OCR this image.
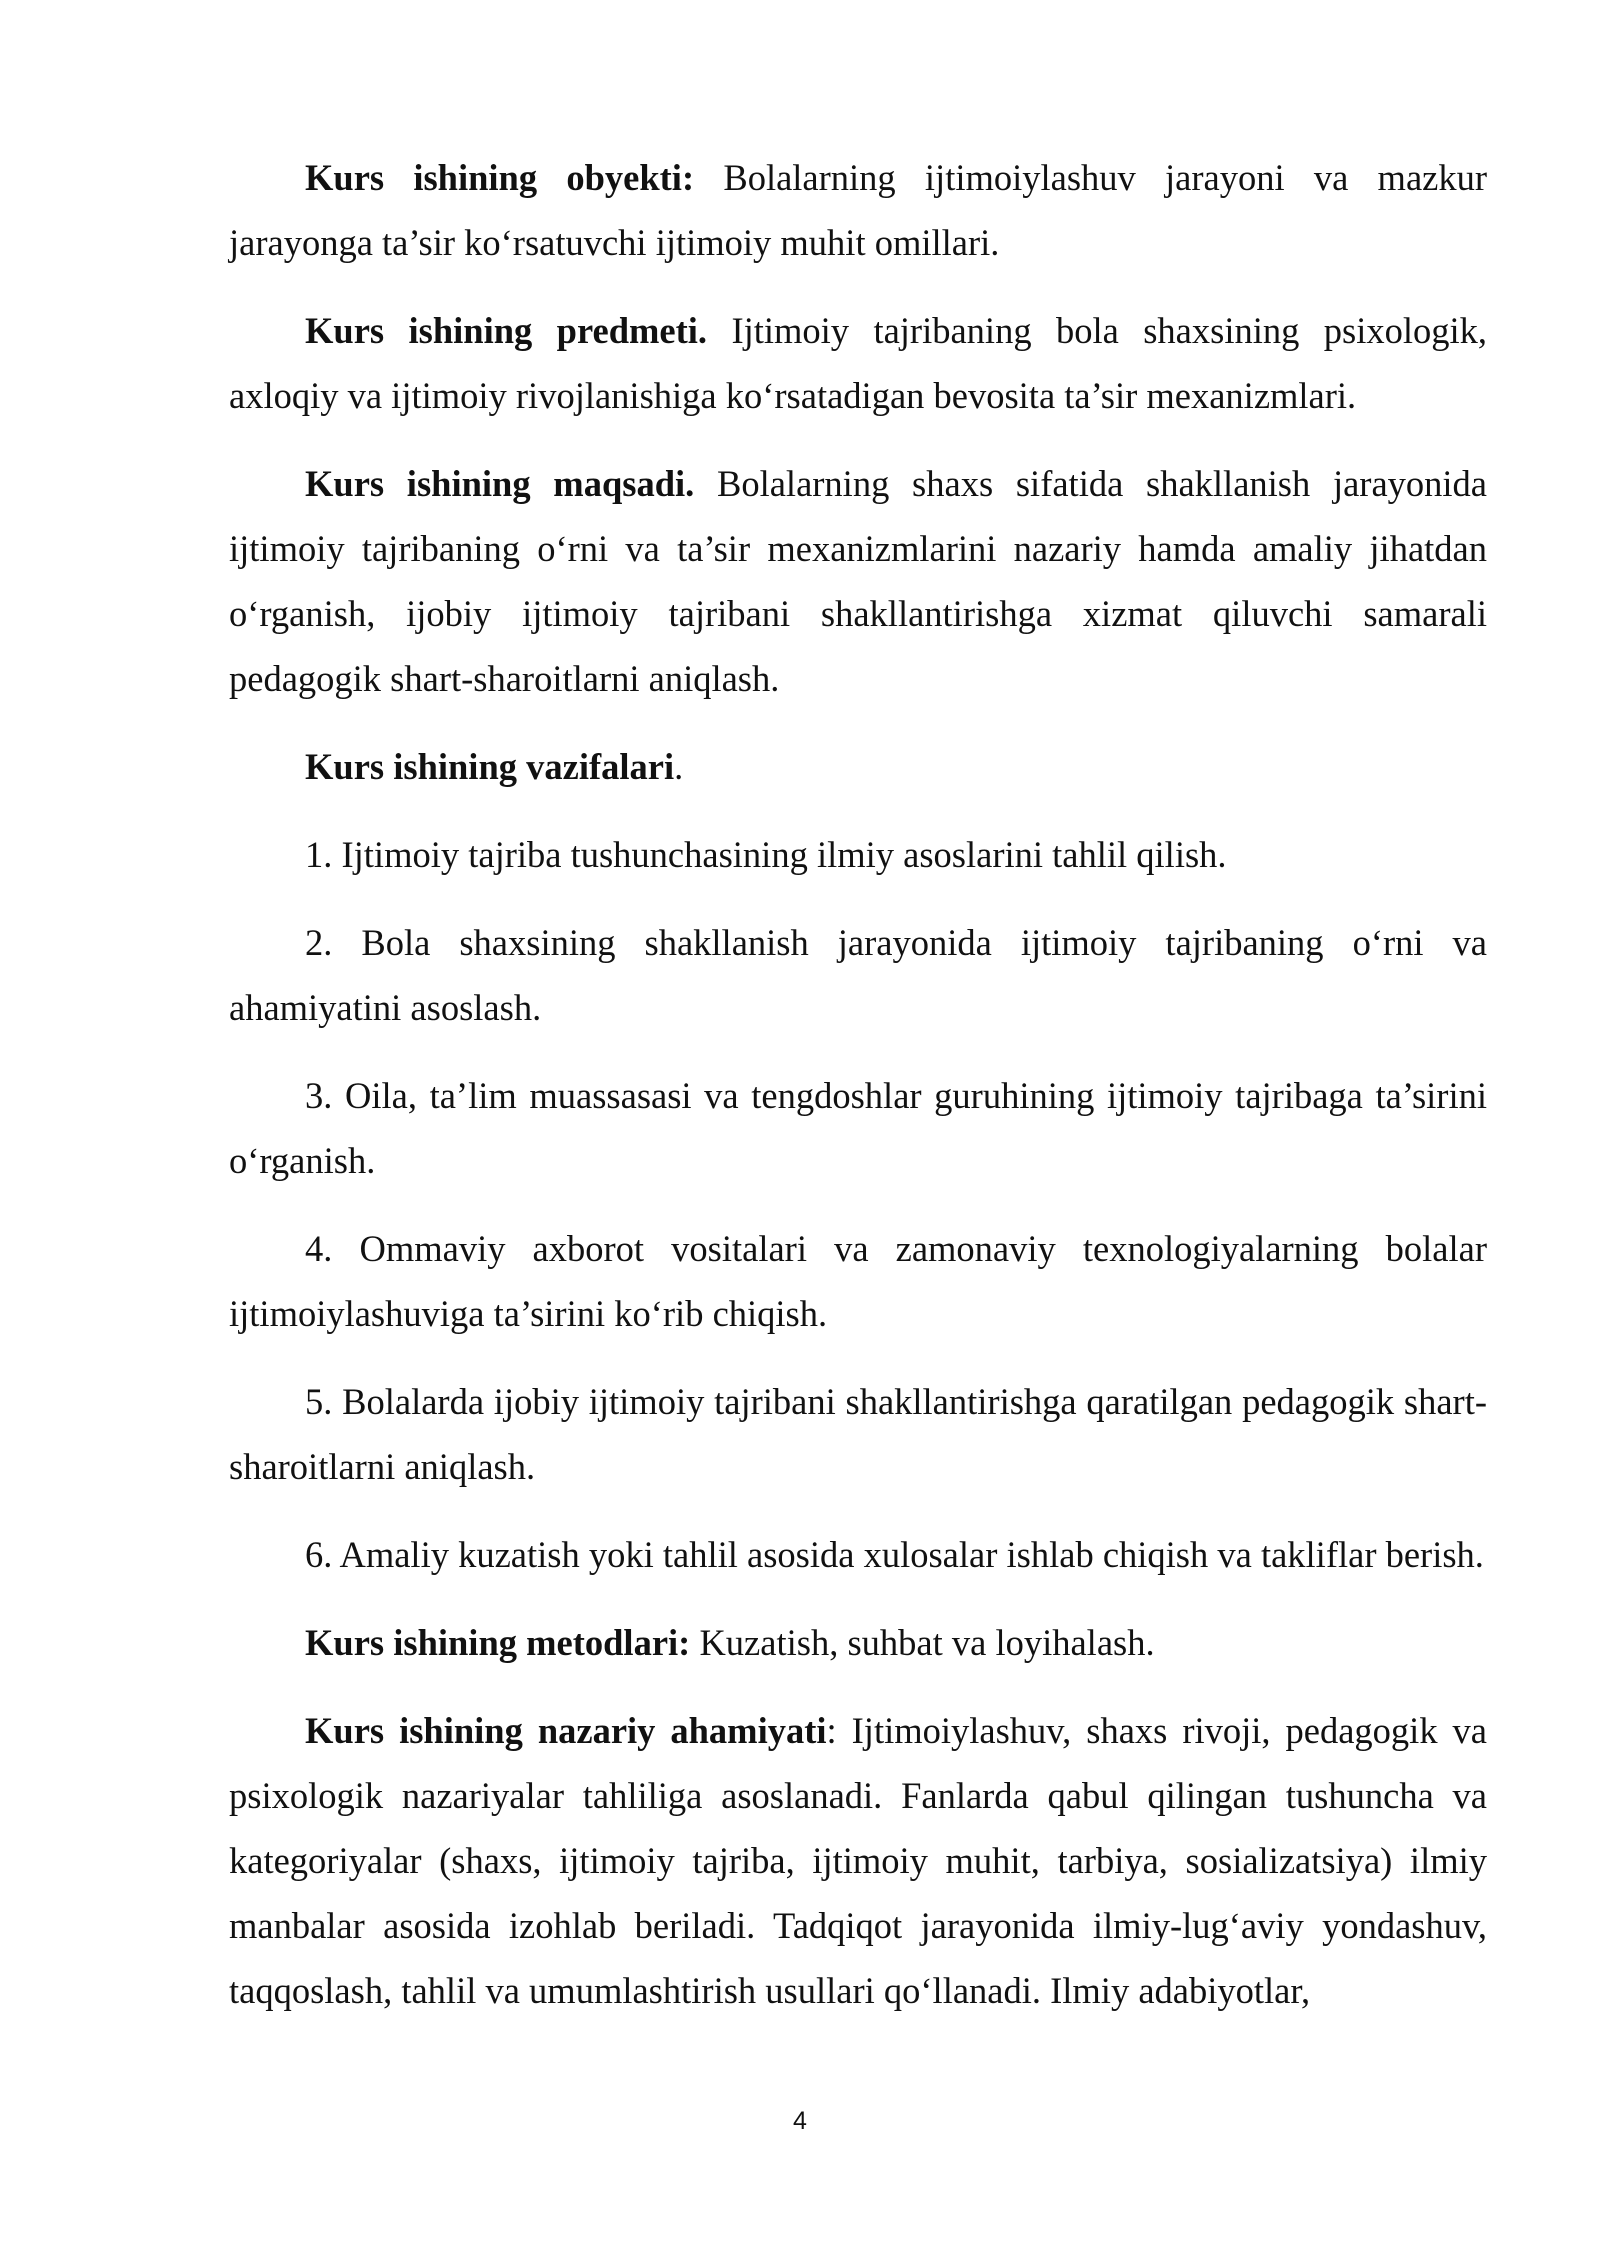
Kurs ishining obyekti: Bolalarning ijtimoiylashuv jarayoni va mazkur jarayonga ta’sir ko‘rsatuvchi ijtimoiy muhit omillari.

Kurs ishining predmeti. Ijtimoiy tajribaning bola shaxsining psixologik, axloqiy va ijtimoiy rivojlanishiga ko‘rsatadigan bevosita ta’sir mexanizmlari.

Kurs ishining maqsadi. Bolalarning shaxs sifatida shakllanish jarayonida ijtimoiy tajribaning o‘rni va ta’sir mexanizmlarini nazariy hamda amaliy jihatdan o‘rganish, ijobiy ijtimoiy tajribani shakllantirishga xizmat qiluvchi samarali pedagogik shart-sharoitlarni aniqlash.

Kurs ishining vazifalari.

1. Ijtimoiy tajriba tushunchasining ilmiy asoslarini tahlil qilish.

2. Bola shaxsining shakllanish jarayonida ijtimoiy tajribaning o‘rni va ahamiyatini asoslash.

3. Oila, ta’lim muassasasi va tengdoshlar guruhining ijtimoiy tajribaga ta’sirini o‘rganish.

4. Ommaviy axborot vositalari va zamonaviy texnologiyalarning bolalar ijtimoiylashuviga ta’sirini ko‘rib chiqish.

5. Bolalarda ijobiy ijtimoiy tajribani shakllantirishga qaratilgan pedagogik shart-sharoitlarni aniqlash.

6. Amaliy kuzatish yoki tahlil asosida xulosalar ishlab chiqish va takliflar berish.

Kurs ishining metodlari: Kuzatish, suhbat va loyihalash.

Kurs ishining nazariy ahamiyati: Ijtimoiylashuv, shaxs rivoji, pedagogik va psixologik nazariyalar tahliliga asoslanadi. Fanlarda qabul qilingan tushuncha va kategoriyalar (shaxs, ijtimoiy tajriba, ijtimoiy muhit, tarbiya, sosializatsiya) ilmiy manbalar asosida izohlab beriladi. Tadqiqot jarayonida ilmiy-lug‘aviy yondashuv, taqqoslash, tahlil va umumlashtirish usullari qo‘llanadi. Ilmiy adabiyotlar,

4
